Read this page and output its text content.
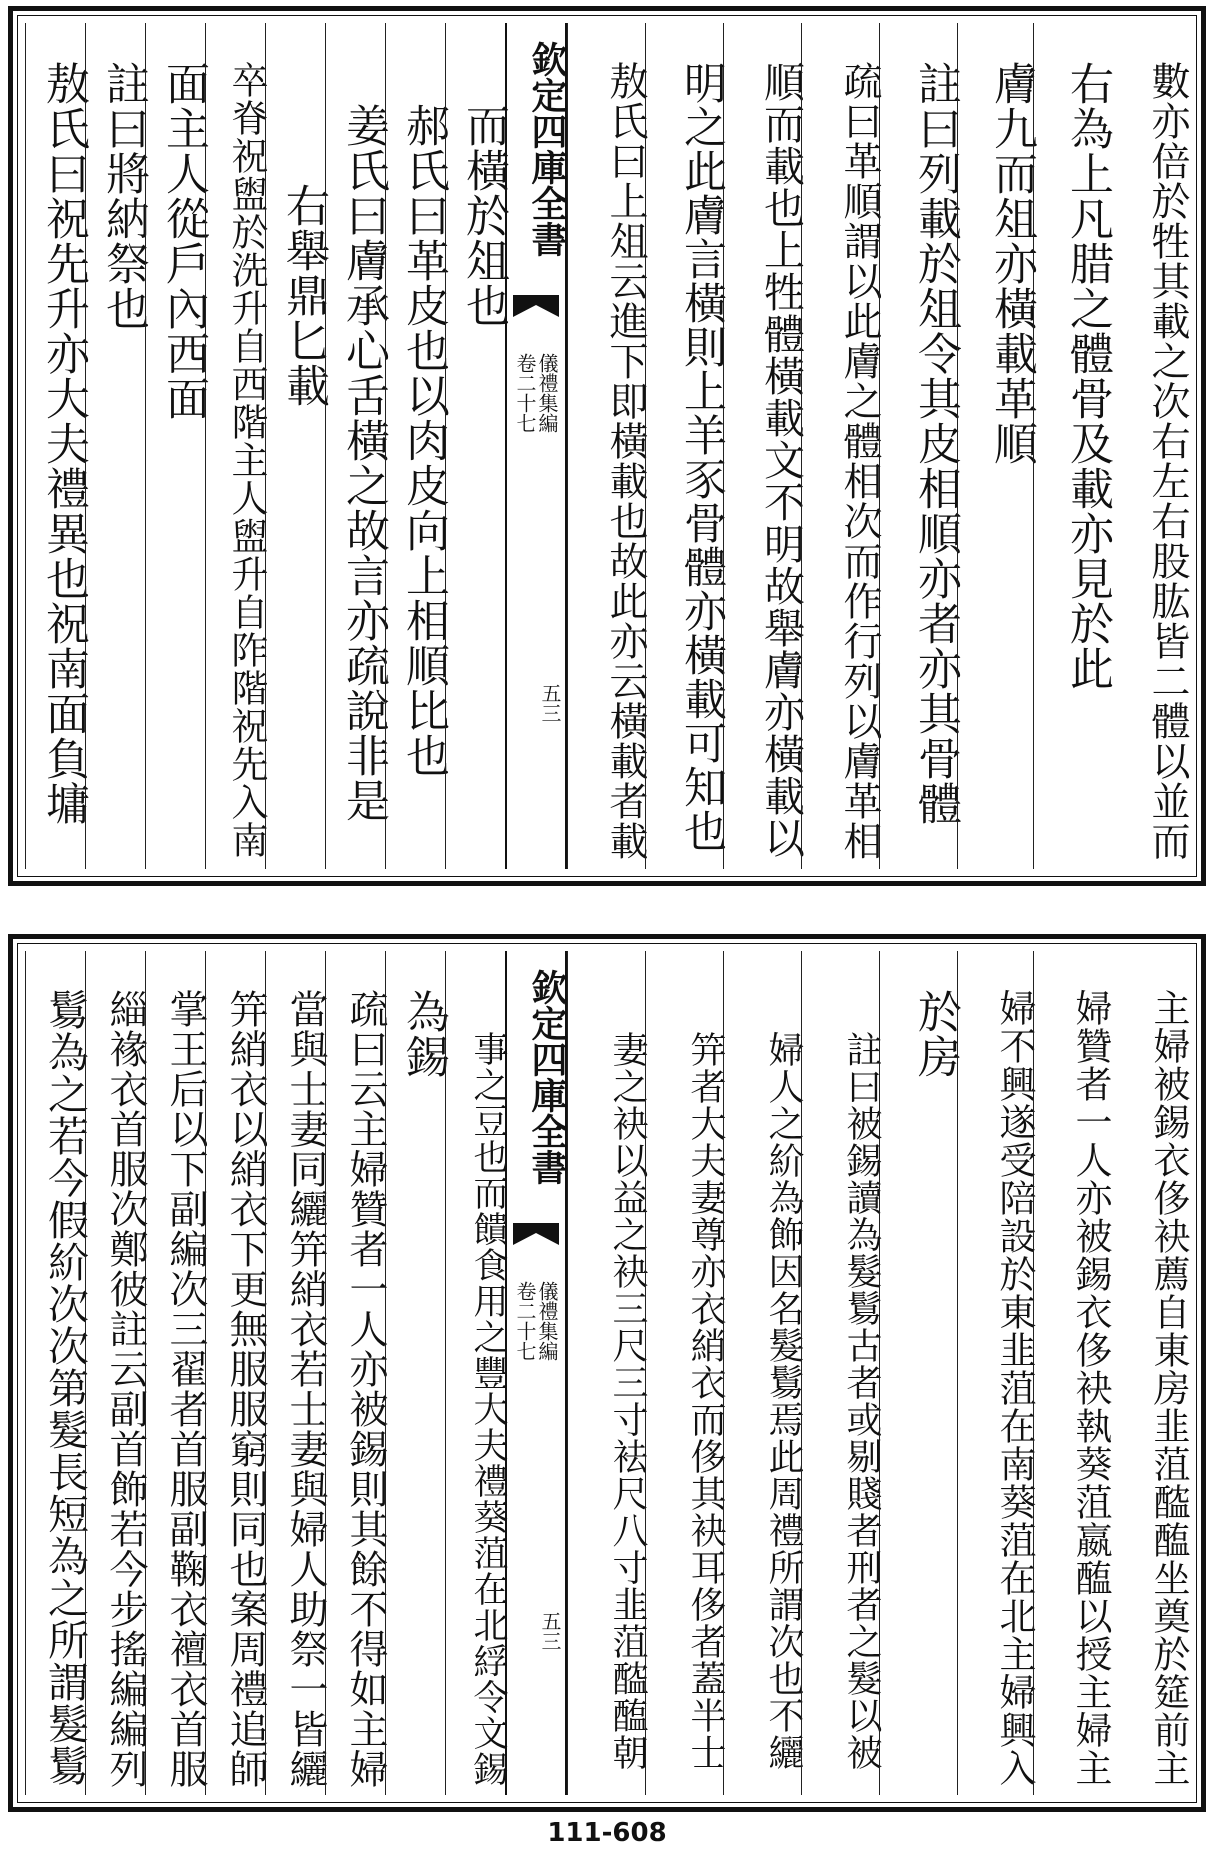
敖氏曰祝先升亦大夫禮異也祝南面負墉 註曰將納祭也 面主人從戶內西面 卒脊祝盥於洗升自西階主人盥升自阼階祝先入南 右舉鼎匕載 姜氏曰膚承心舌橫之故言亦疏說非是 郝氏曰革皮也以肉皮向上相順比也 而橫於俎也 欽定四庫全書
卷二十七
儀禮集編
五三	敖氏曰上俎云進下即橫載也故此亦云橫載者載 明之此膚言橫則上羊豕骨體亦橫載可知也 順而載也上牲體橫載文不明故舉膚亦橫載以 疏曰革順謂以此膚之體相次而作行列以膚革相 註曰列載於俎令其皮相順亦者亦其骨體 膚九而俎亦橫載革順 右為上凡腊之體骨及載亦見於此 數亦倍於牲其載之次右左右股肱皆二體以並而
鬄為之若今假紒次次第髮長短為之所謂髮鬄 緇褖衣首服次鄭彼註云副首飾若今步搖編編列 掌王后以下副編次三翟者首服副鞠衣襢衣首服 笄綃衣以綃衣下更無服服窮則同也案周禮追師 當與士妻同纚笄綃衣若士妻與婦人助祭一皆纚 疏曰云主婦贊者一人亦被錫則其餘不得如主婦 為錫 事之豆也而饋食用之豐大夫禮葵菹在北綒令文錫 欽定四庫全書
卷二十七
儀禮集編
五三	妻之袂以益之袂三尺三寸袪尺八寸韭菹醓醢朝	笄者大夫妻尊亦衣綃衣而侈其袂耳侈者蓋半士	婦人之紒為飾因名髮鬄焉此周禮所謂次也不纚	註曰被錫讀為髮鬄古者或剔賤者刑者之髮以被 於房 婦不興遂受陪設於東韭菹在南葵菹在北主婦興入 婦贊者一人亦被錫衣侈袂執葵菹嬴醢以授主婦主 主婦被錫衣侈袂薦自東房韭菹醓醢坐奠於筵前主
111-608
